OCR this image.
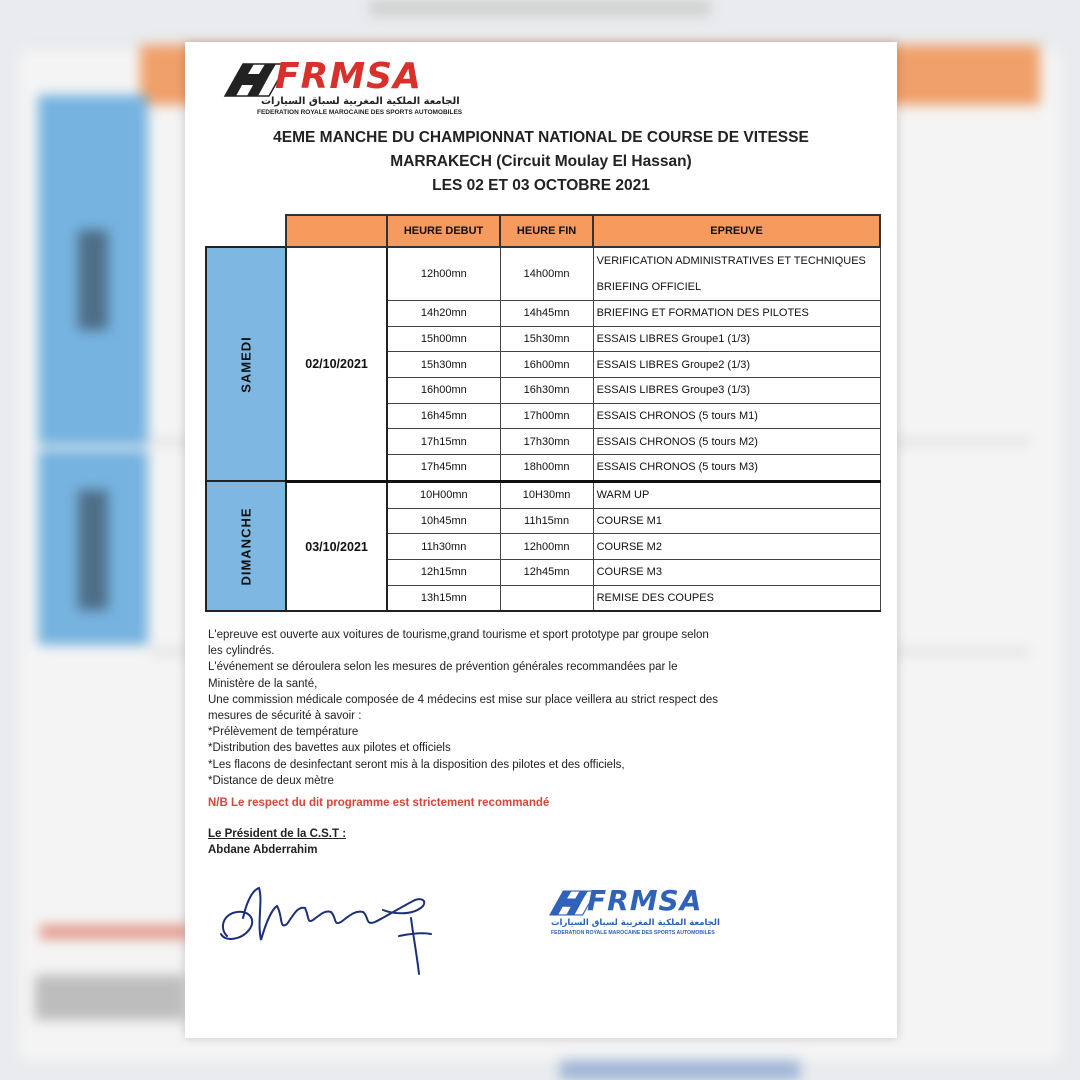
FRMSA
الجامعة الملكية المغربية لسباق السيارات
FEDERATION ROYALE MAROCAINE DES SPORTS AUTOMOBILES
4EME MANCHE DU CHAMPIONNAT NATIONAL DE COURSE DE VITESSE
MARRAKECH (Circuit Moulay El Hassan)
LES 02 ET 03 OCTOBRE 2021
		HEURE DEBUT	HEURE FIN	EPREUVE

SAMEDI	02/10/2021	12h00mn	14h00mn	VERIFICATION ADMINISTRATIVES ET TECHNIQUES
BRIEFING OFFICIEL

		14h20mn	14h45mn	BRIEFING ET FORMATION DES PILOTES
		15h00mn	15h30mn	ESSAIS LIBRES Groupe1 (1/3)
		15h30mn	16h00mn	ESSAIS LIBRES Groupe2 (1/3)
		16h00mn	16h30mn	ESSAIS LIBRES Groupe3 (1/3)
		16h45mn	17h00mn	ESSAIS CHRONOS (5 tours M1)
		17h15mn	17h30mn	ESSAIS CHRONOS (5 tours M2)
		17h45mn	18h00mn	ESSAIS CHRONOS (5 tours M3)

DIMANCHE	03/10/2021	10H00mn	10H30mn	WARM UP
		10h45mn	11h15mn	COURSE M1
		11h30mn	12h00mn	COURSE M2
		12h15mn	12h45mn	COURSE M3
		13h15mn		REMISE DES COUPES

L'epreuve est ouverte aux voitures de tourisme,grand tourisme et sport prototype par groupe selon

les cylindrés.

L'événement se déroulera selon les mesures de prévention générales recommandées par le

Ministère de la santé,

Une commission médicale composée de 4 médecins est mise sur place veillera au strict respect des

mesures de sécurité à savoir :

*Prélèvement de température

*Distribution des bavettes aux pilotes et officiels

*Les flacons de desinfectant seront mis à la disposition des pilotes et des officiels,

*Distance de deux mètre

N/B Le respect du dit programme est strictement recommandé

Le Président de la C.S.T :
Abdane Abderrahim
FRMSA
الجامعة الملكية المغربية لسباق السيارات
FEDERATION ROYALE MAROCAINE DES SPORTS AUTOMOBILES
